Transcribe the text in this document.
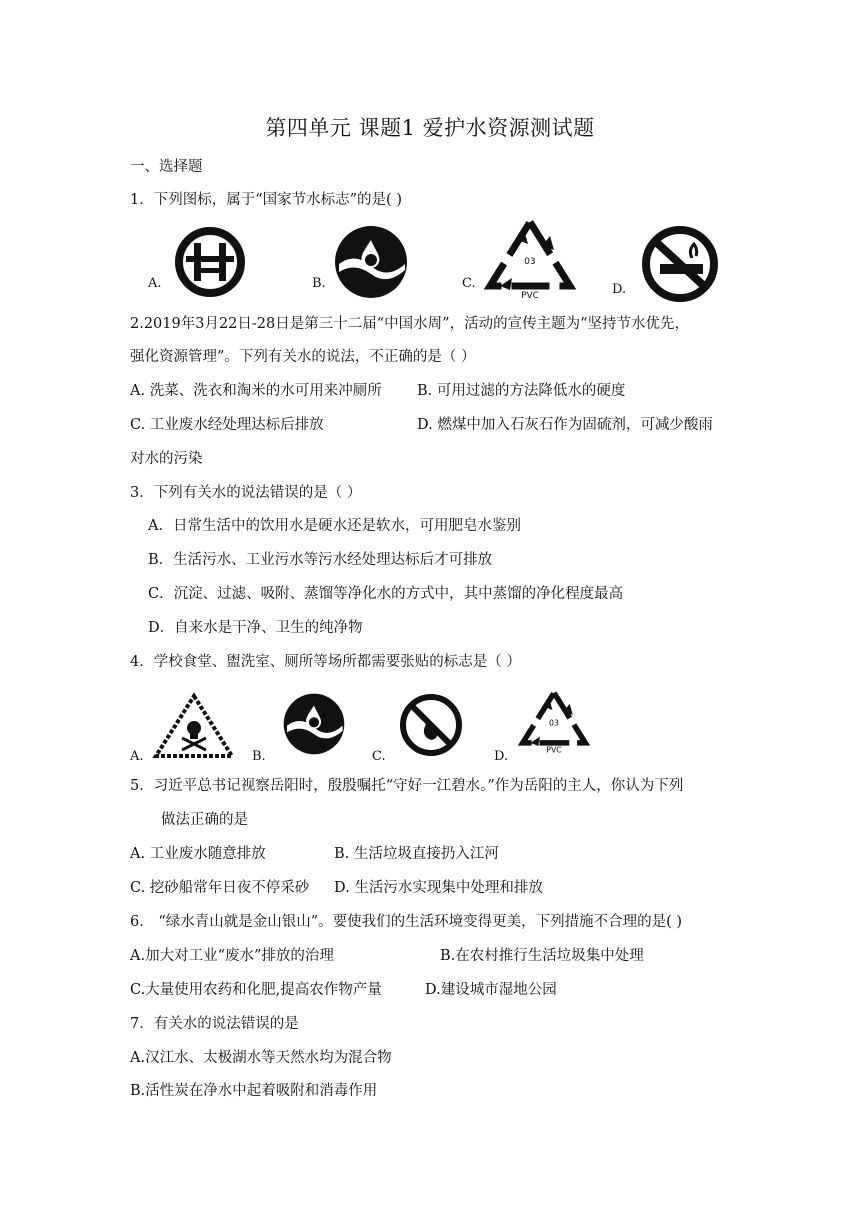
第四单元 课题1 爱护水资源测试题
一、选择题
1．下列图标，属于“国家节水标志”的是( )
A.	B.	C.
03
PVC	D.
2.2019年3月22日-28日是第三十二届“中国水周”，活动的宣传主题为“坚持节水优先，
强化资源管理”。下列有关水的说法，不正确的是（ ）
A. 洗菜、洗衣和淘米的水可用来冲厕所 B. 可用过滤的方法降低水的硬度
C. 工业废水经处理达标后排放	D. 燃煤中加入石灰石作为固硫剂，可减少酸雨
对水的污染
3．下列有关水的说法错误的是（ ）
A．日常生活中的饮用水是硬水还是软水，可用肥皂水鉴别
B．生活污水、工业污水等污水经处理达标后才可排放
C．沉淀、过滤、吸附、蒸馏等净化水的方式中，其中蒸馏的净化程度最高
D．自来水是干净、卫生的纯净物
4．学校食堂、盥洗室、厕所等场所都需要张贴的标志是（ ）
A.	B.	C.	D.
03
PVC
5．习近平总书记视察岳阳时，殷殷嘱托“守好一江碧水。”作为岳阳的主人，你认为下列
做法正确的是
A. 工业废水随意排放	B. 生活垃圾直接扔入江河
C. 挖砂船常年日夜不停采砂 D. 生活污水实现集中处理和排放
6． “绿水青山就是金山银山”。要使我们的生活环境变得更美，下列措施不合理的是( )
A.加大对工业“废水”排放的治理	B.在农村推行生活垃圾集中处理
C.大量使用农药和化肥,提高农作物产量	D.建设城市湿地公园
7．有关水的说法错误的是
A.汉江水、太极湖水等天然水均为混合物
B.活性炭在净水中起着吸附和消毒作用
